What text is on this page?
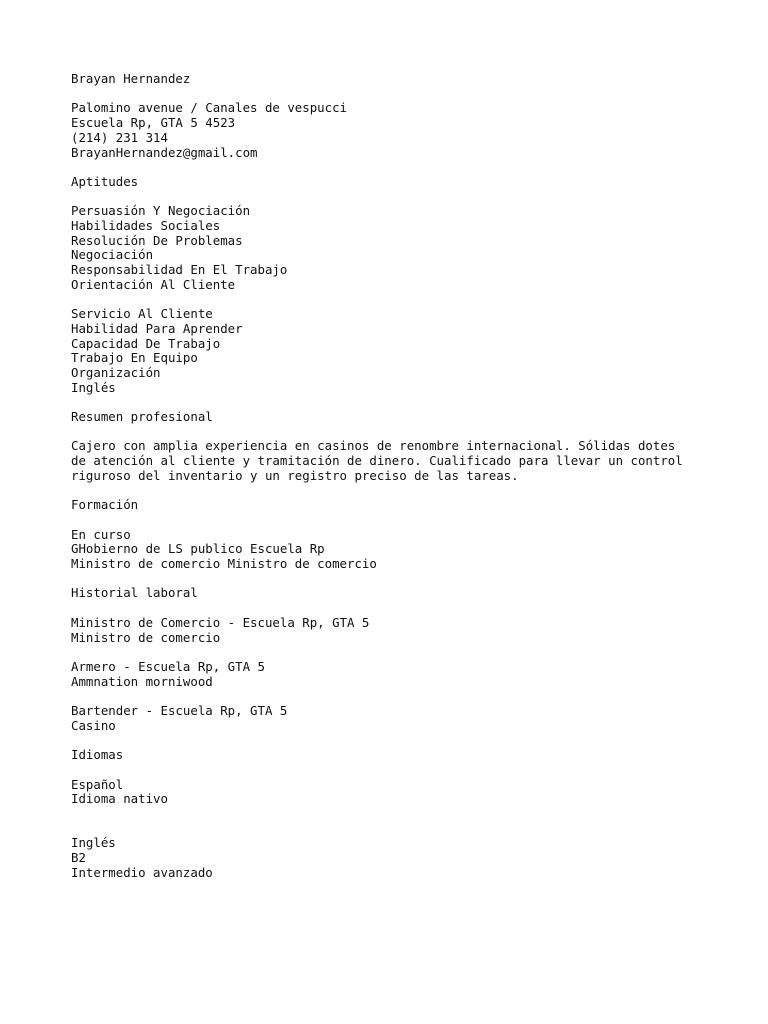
Brayan Hernandez
Palomino avenue / Canales de vespucci
Escuela Rp, GTA 5 4523
(214) 231 314
BrayanHernandez@gmail.com
Aptitudes
Persuasión Y Negociación
Habilidades Sociales
Resolución De Problemas
Negociación
Responsabilidad En El Trabajo
Orientación Al Cliente
Servicio Al Cliente
Habilidad Para Aprender
Capacidad De Trabajo
Trabajo En Equipo
Organización
Inglés
Resumen profesional
Cajero con amplia experiencia en casinos de renombre internacional. Sólidas dotes
de atención al cliente y tramitación de dinero. Cualificado para llevar un control
riguroso del inventario y un registro preciso de las tareas.
Formación
En curso
GHobierno de LS publico Escuela Rp
Ministro de comercio Ministro de comercio
Historial laboral
Ministro de Comercio - Escuela Rp, GTA 5
Ministro de comercio
Armero - Escuela Rp, GTA 5
Ammnation morniwood
Bartender - Escuela Rp, GTA 5
Casino
Idiomas
Español
Idioma nativo
Inglés
B2
Intermedio avanzado
